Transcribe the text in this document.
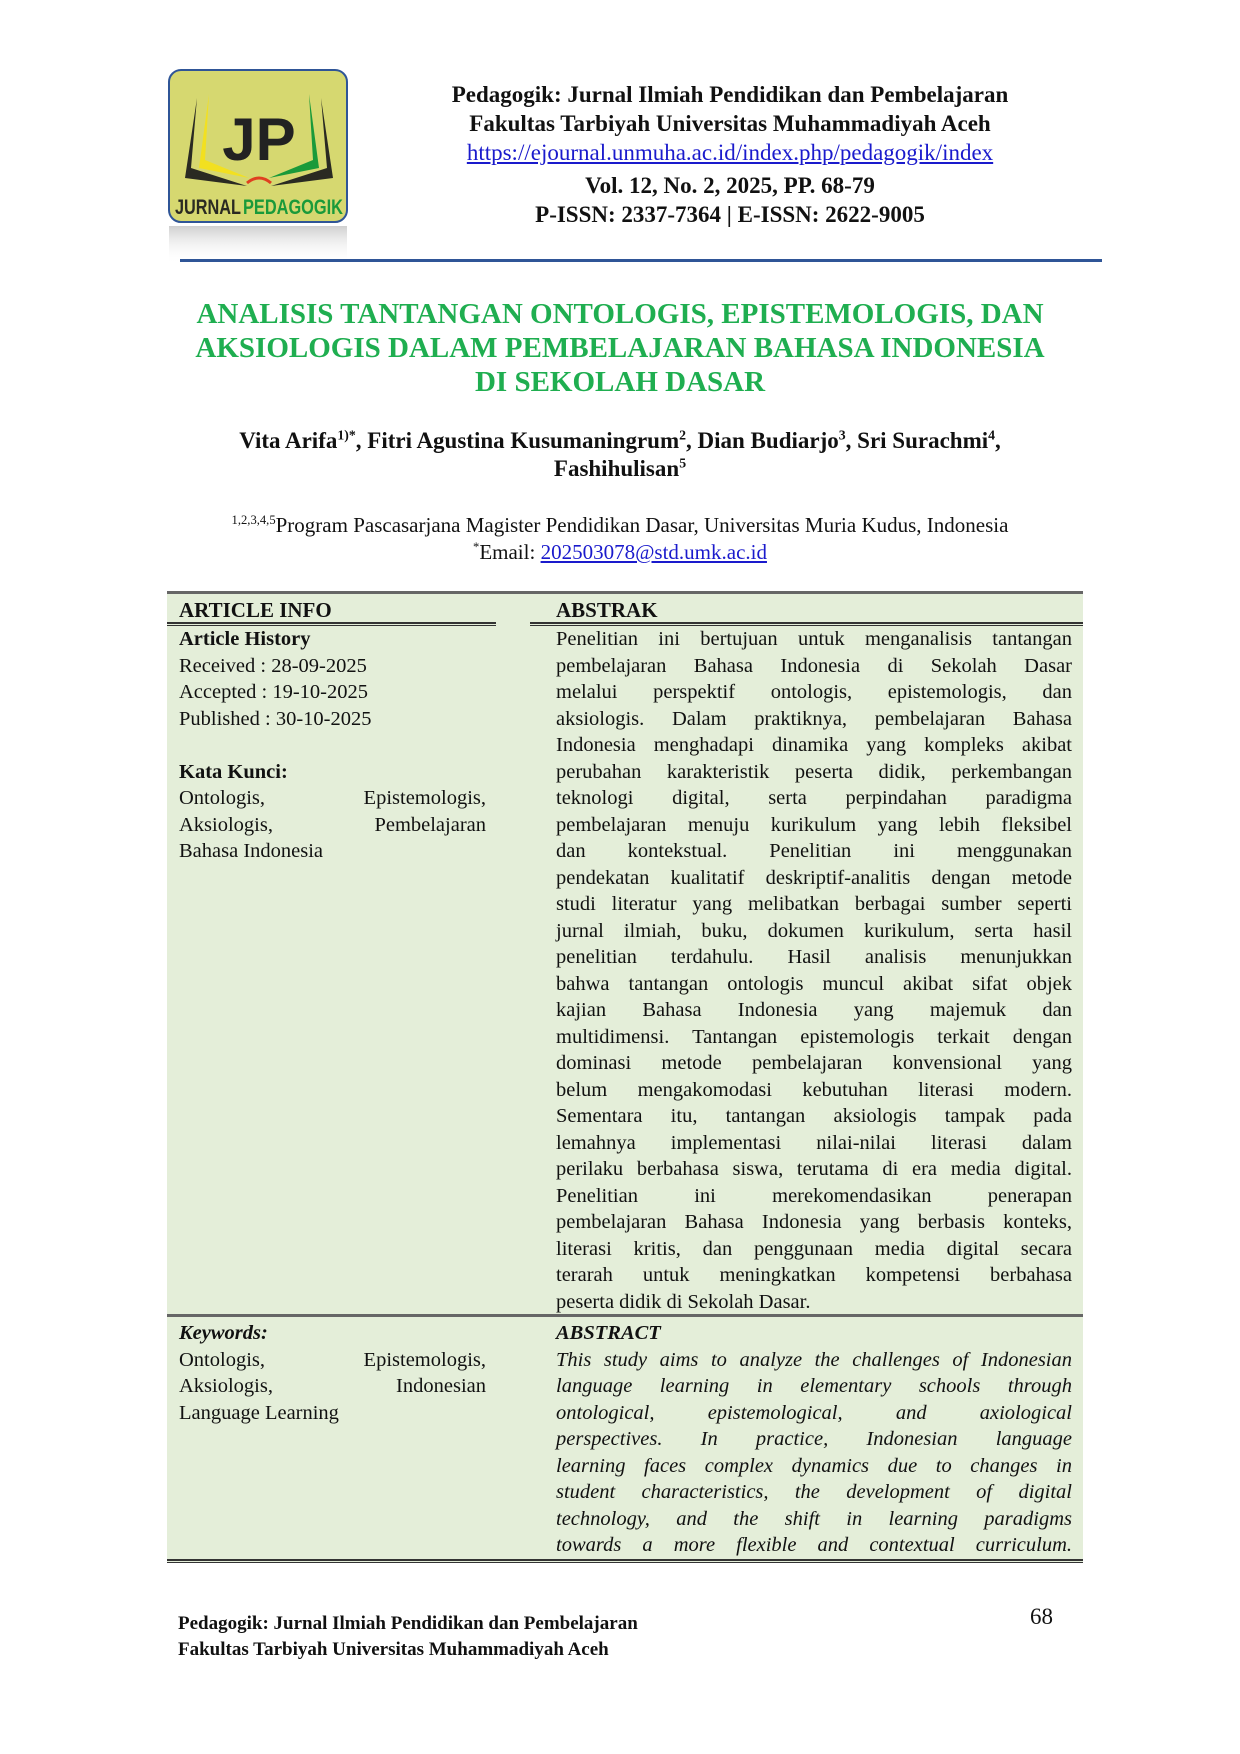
JP
JURNAL PEDAGOGIK
Pedagogik: Jurnal Ilmiah Pendidikan dan Pembelajaran
Fakultas Tarbiyah Universitas Muhammadiyah Aceh
https://ejournal.unmuha.ac.id/index.php/pedagogik/index
Vol. 12, No. 2, 2025, PP. 68-79
P-ISSN: 2337-7364 | E-ISSN: 2622-9005
ANALISIS TANTANGAN ONTOLOGIS, EPISTEMOLOGIS, DAN
AKSIOLOGIS DALAM PEMBELAJARAN BAHASA INDONESIA
DI SEKOLAH DASAR
Vita Arifa$^{1)*}$, Fitri Agustina Kusumaningrum$^2$, Dian Budiarjo$^3$, Sri Surachmi$^4$,
Fashihulisan$^5$
$^{1,2,3,4,5}$Program Pascasarjana Magister Pendidikan Dasar, Universitas Muria Kudus, Indonesia
*Email: 202503078@std.umk.ac.id
ARTICLE INFO	ABSTRAK
Article History
Received : 28-09-2025
Accepted : 19-10-2025
Published : 30-10-2025
Kata Kunci:
Ontologis, Epistemologis,
Aksiologis, Pembelajaran
Bahasa Indonesia
Penelitian ini bertujuan untuk menganalisis tantangan
pembelajaran Bahasa Indonesia di Sekolah Dasar
melalui perspektif ontologis, epistemologis, dan
aksiologis. Dalam praktiknya, pembelajaran Bahasa
Indonesia menghadapi dinamika yang kompleks akibat
perubahan karakteristik peserta didik, perkembangan
teknologi digital, serta perpindahan paradigma
pembelajaran menuju kurikulum yang lebih fleksibel
dan kontekstual. Penelitian ini menggunakan
pendekatan kualitatif deskriptif-analitis dengan metode
studi literatur yang melibatkan berbagai sumber seperti
jurnal ilmiah, buku, dokumen kurikulum, serta hasil
penelitian terdahulu. Hasil analisis menunjukkan
bahwa tantangan ontologis muncul akibat sifat objek
kajian Bahasa Indonesia yang majemuk dan
multidimensi. Tantangan epistemologis terkait dengan
dominasi metode pembelajaran konvensional yang
belum mengakomodasi kebutuhan literasi modern.
Sementara itu, tantangan aksiologis tampak pada
lemahnya implementasi nilai-nilai literasi dalam
perilaku berbahasa siswa, terutama di era media digital.
Penelitian ini merekomendasikan penerapan
pembelajaran Bahasa Indonesia yang berbasis konteks,
literasi kritis, dan penggunaan media digital secara
terarah untuk meningkatkan kompetensi berbahasa
peserta didik di Sekolah Dasar.
Keywords:
Ontologis, Epistemologis,
Aksiologis, Indonesian
Language Learning
ABSTRACT
This study aims to analyze the challenges of Indonesian
language learning in elementary schools through
ontological, epistemological, and axiological
perspectives. In practice, Indonesian language
learning faces complex dynamics due to changes in
student characteristics, the development of digital
technology, and the shift in learning paradigms
towards a more flexible and contextual curriculum.
Pedagogik: Jurnal Ilmiah Pendidikan dan Pembelajaran
Fakultas Tarbiyah Universitas Muhammadiyah Aceh
68
